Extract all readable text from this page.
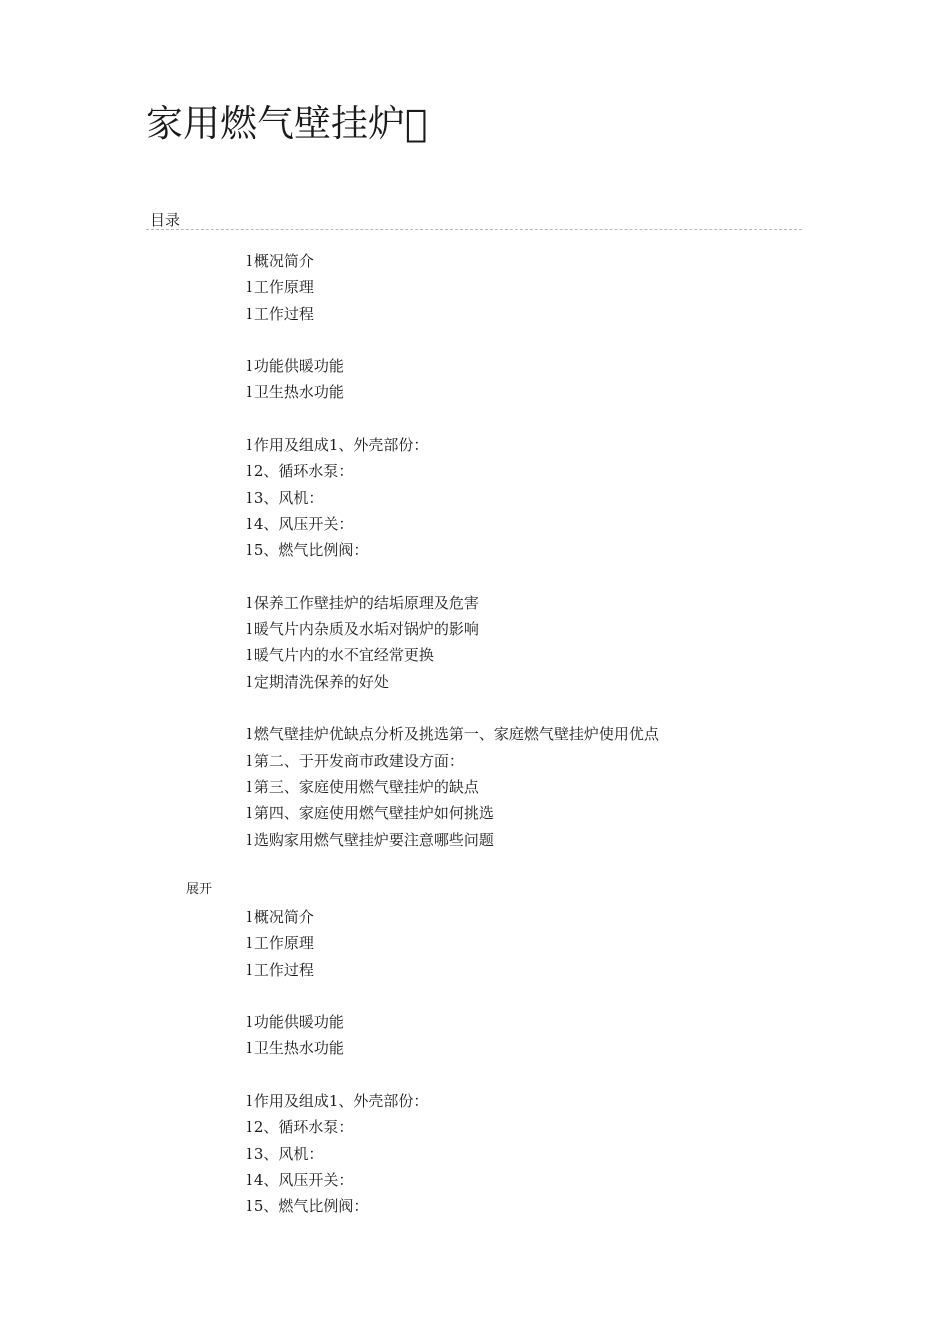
家用燃气壁挂炉 
目录
l 概况简介
l 工作原理
l 工作过程
l 功能供暖功能
l 卫生热水功能
l 作用及组成1、外壳部份：
l 2、循环水泵：
l 3、风机：
l 4、风压开关：
l 5、燃气比例阀：
l 保养工作壁挂炉的结垢原理及危害
l 暖气片内杂质及水垢对锅炉的影响
l 暖气片内的水不宜经常更换
l 定期清洗保养的好处
l 燃气壁挂炉优缺点分析及挑选第一、家庭燃气壁挂炉使用优点
l 第二、于开发商市政建设方面：
l 第三、家庭使用燃气壁挂炉的缺点
l 第四、家庭使用燃气壁挂炉如何挑选
l 选购家用燃气壁挂炉要注意哪些问题
展开
l 概况简介
l 工作原理
l 工作过程
l 功能供暖功能
l 卫生热水功能
l 作用及组成1、外壳部份：
l 2、循环水泵：
l 3、风机：
l 4、风压开关：
l 5、燃气比例阀：
